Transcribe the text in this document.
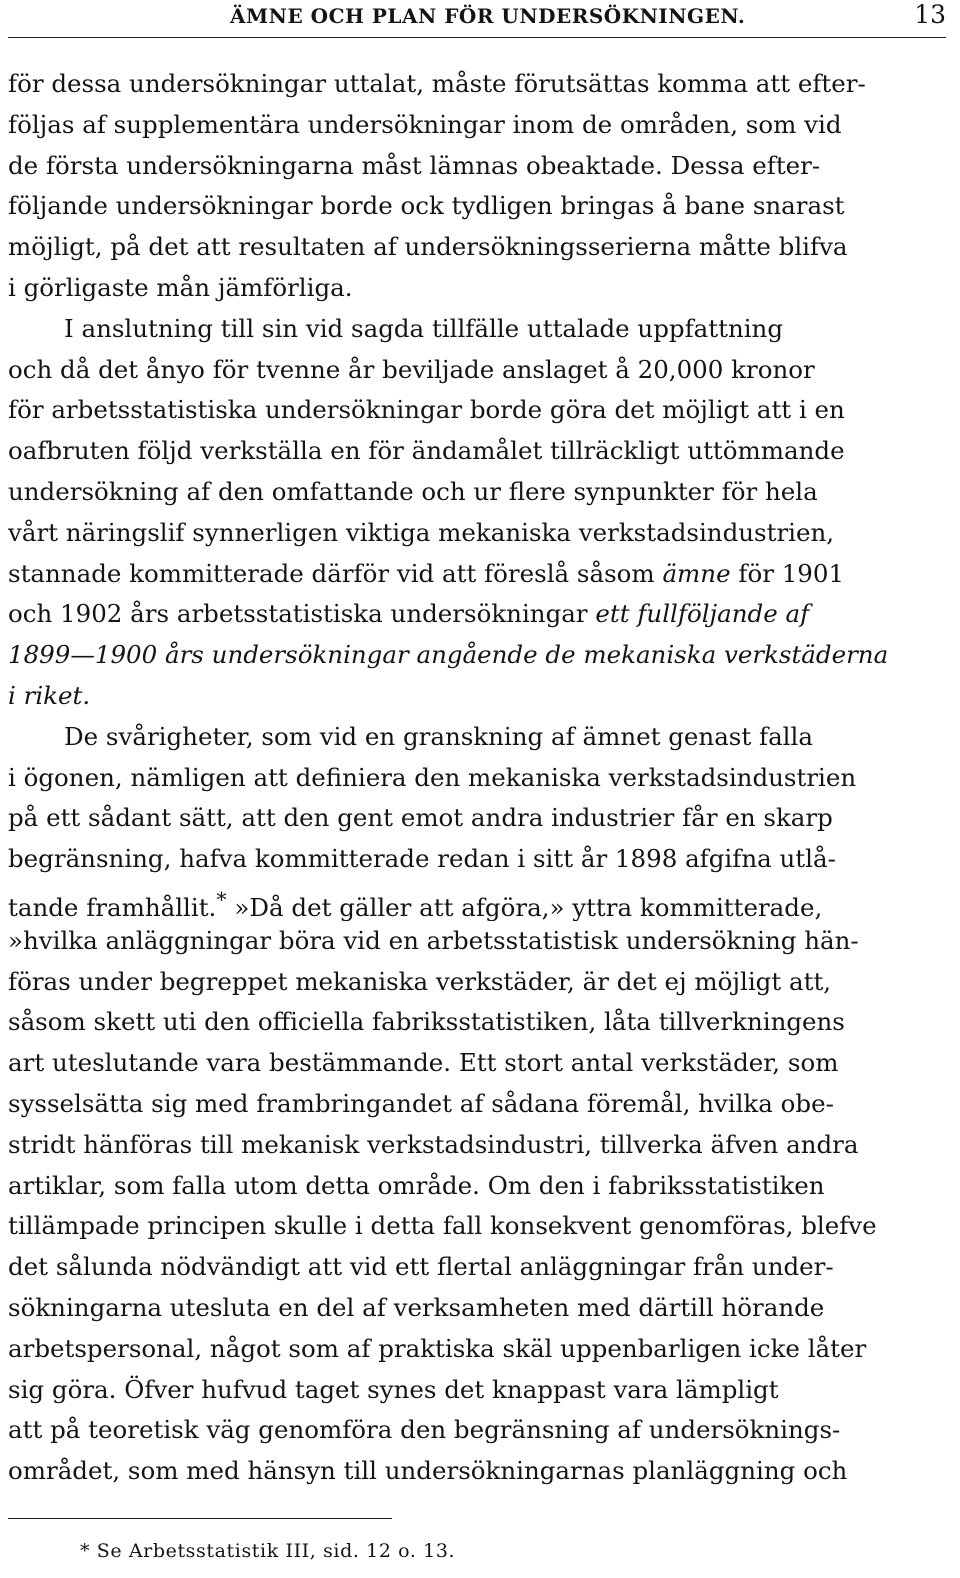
ÄMNE OCH PLAN FÖR UNDERSÖKNINGEN.	13
för dessa undersökningar uttalat, måste förutsättas komma att efter-
följas af supplementära undersökningar inom de områden, som vid
de första undersökningarna måst lämnas obeaktade. Dessa efter-
följande undersökningar borde ock tydligen bringas å bane snarast
möjligt, på det att resultaten af undersökningsserierna måtte blifva
i görligaste mån jämförliga.
I anslutning till sin vid sagda tillfälle uttalade uppfattning
och då det ånyo för tvenne år beviljade anslaget å 20,000 kronor
för arbetsstatistiska undersökningar borde göra det möjligt att i en
oafbruten följd verkställa en för ändamålet tillräckligt uttömmande
undersökning af den omfattande och ur flere synpunkter för hela
vårt näringslif synnerligen viktiga mekaniska verkstadsindustrien,
stannade kommitterade därför vid att föreslå såsom ämne för 1901
och 1902 års arbetsstatistiska undersökningar ett fullföljande af
1899—1900 års undersökningar angående de mekaniska verkstäderna
i riket.
De svårigheter, som vid en granskning af ämnet genast falla
i ögonen, nämligen att definiera den mekaniska verkstadsindustrien
på ett sådant sätt, att den gent emot andra industrier får en skarp
begränsning, hafva kommitterade redan i sitt år 1898 afgifna utlå-
tande framhållit.* »Då det gäller att afgöra,» yttra kommitterade,
»hvilka anläggningar böra vid en arbetsstatistisk undersökning hän-
föras under begreppet mekaniska verkstäder, är det ej möjligt att,
såsom skett uti den officiella fabriksstatistiken, låta tillverkningens
art uteslutande vara bestämmande. Ett stort antal verkstäder, som
sysselsätta sig med frambringandet af sådana föremål, hvilka obe-
stridt hänföras till mekanisk verkstadsindustri, tillverka äfven andra
artiklar, som falla utom detta område. Om den i fabriksstatistiken
tillämpade principen skulle i detta fall konsekvent genomföras, blefve
det sålunda nödvändigt att vid ett flertal anläggningar från under-
sökningarna utesluta en del af verksamheten med därtill hörande
arbetspersonal, något som af praktiska skäl uppenbarligen icke låter
sig göra. Öfver hufvud taget synes det knappast vara lämpligt
att på teoretisk väg genomföra den begränsning af undersöknings-
området, som med hänsyn till undersökningarnas planläggning och
* Se Arbetsstatistik III, sid. 12 o. 13.
